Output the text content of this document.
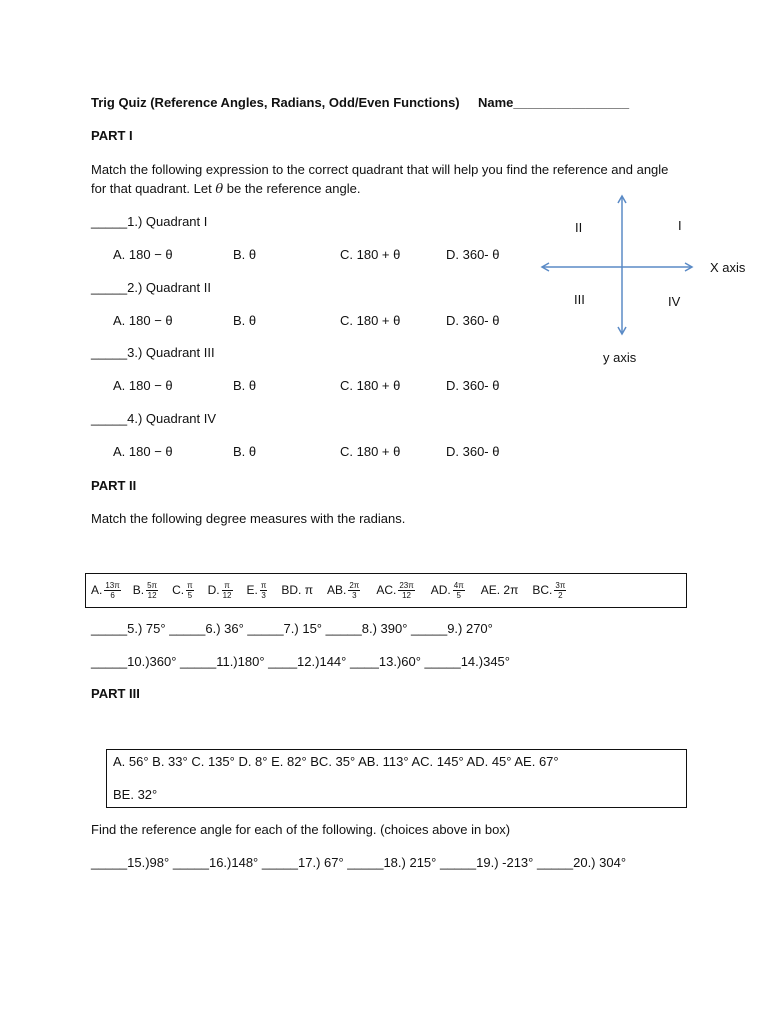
Trig Quiz (Reference Angles, Radians, Odd/Even Functions) Name________________
PART I
Match the following expression to the correct quadrant that will help you find the reference and angle
for that quadrant. Let θ be the reference angle.
_____1.) Quadrant I
A. 180 − θ	B. θ	C. 180 + θ	D. 360- θ
_____2.) Quadrant II
A. 180 − θ	B. θ	C. 180 + θ	D. 360- θ
_____3.) Quadrant III
A. 180 − θ	B. θ	C. 180 + θ	D. 360- θ
_____4.) Quadrant IV
A. 180 − θ	B. θ	C. 180 + θ	D. 360- θ
II	I
III	IV
X axis
y axis
PART II
Match the following degree measures with the radians.
A. $\frac{13\pi}{6} B$. $\frac{5\pi}{12} C$. $\frac{\pi}{5} D$. $\frac{\pi}{12} E$. $\frac{\pi}{3}$ BD. π AB. $\frac{2\pi}{3}$ AC. $\frac{23\pi}{12}$ AD. $\frac{4\pi}{5}$ AE. 2π BC. $\frac{3\pi}{2}$
_____5.) 75° _____6.) 36° _____7.) 15° _____8.) 390° _____9.) 270°
_____10.)360° _____11.)180° ____12.)144° ____13.)60° _____14.)345°
PART III
A. 56° B. 33° C. 135° D. 8° E. 82° BC. 35° AB. 113° AC. 145° AD. 45° AE. 67°
BE. 32°
Find the reference angle for each of the following. (choices above in box)
_____15.)98° _____16.)148° _____17.) 67° _____18.) 215° _____19.) -213° _____20.) 304°
